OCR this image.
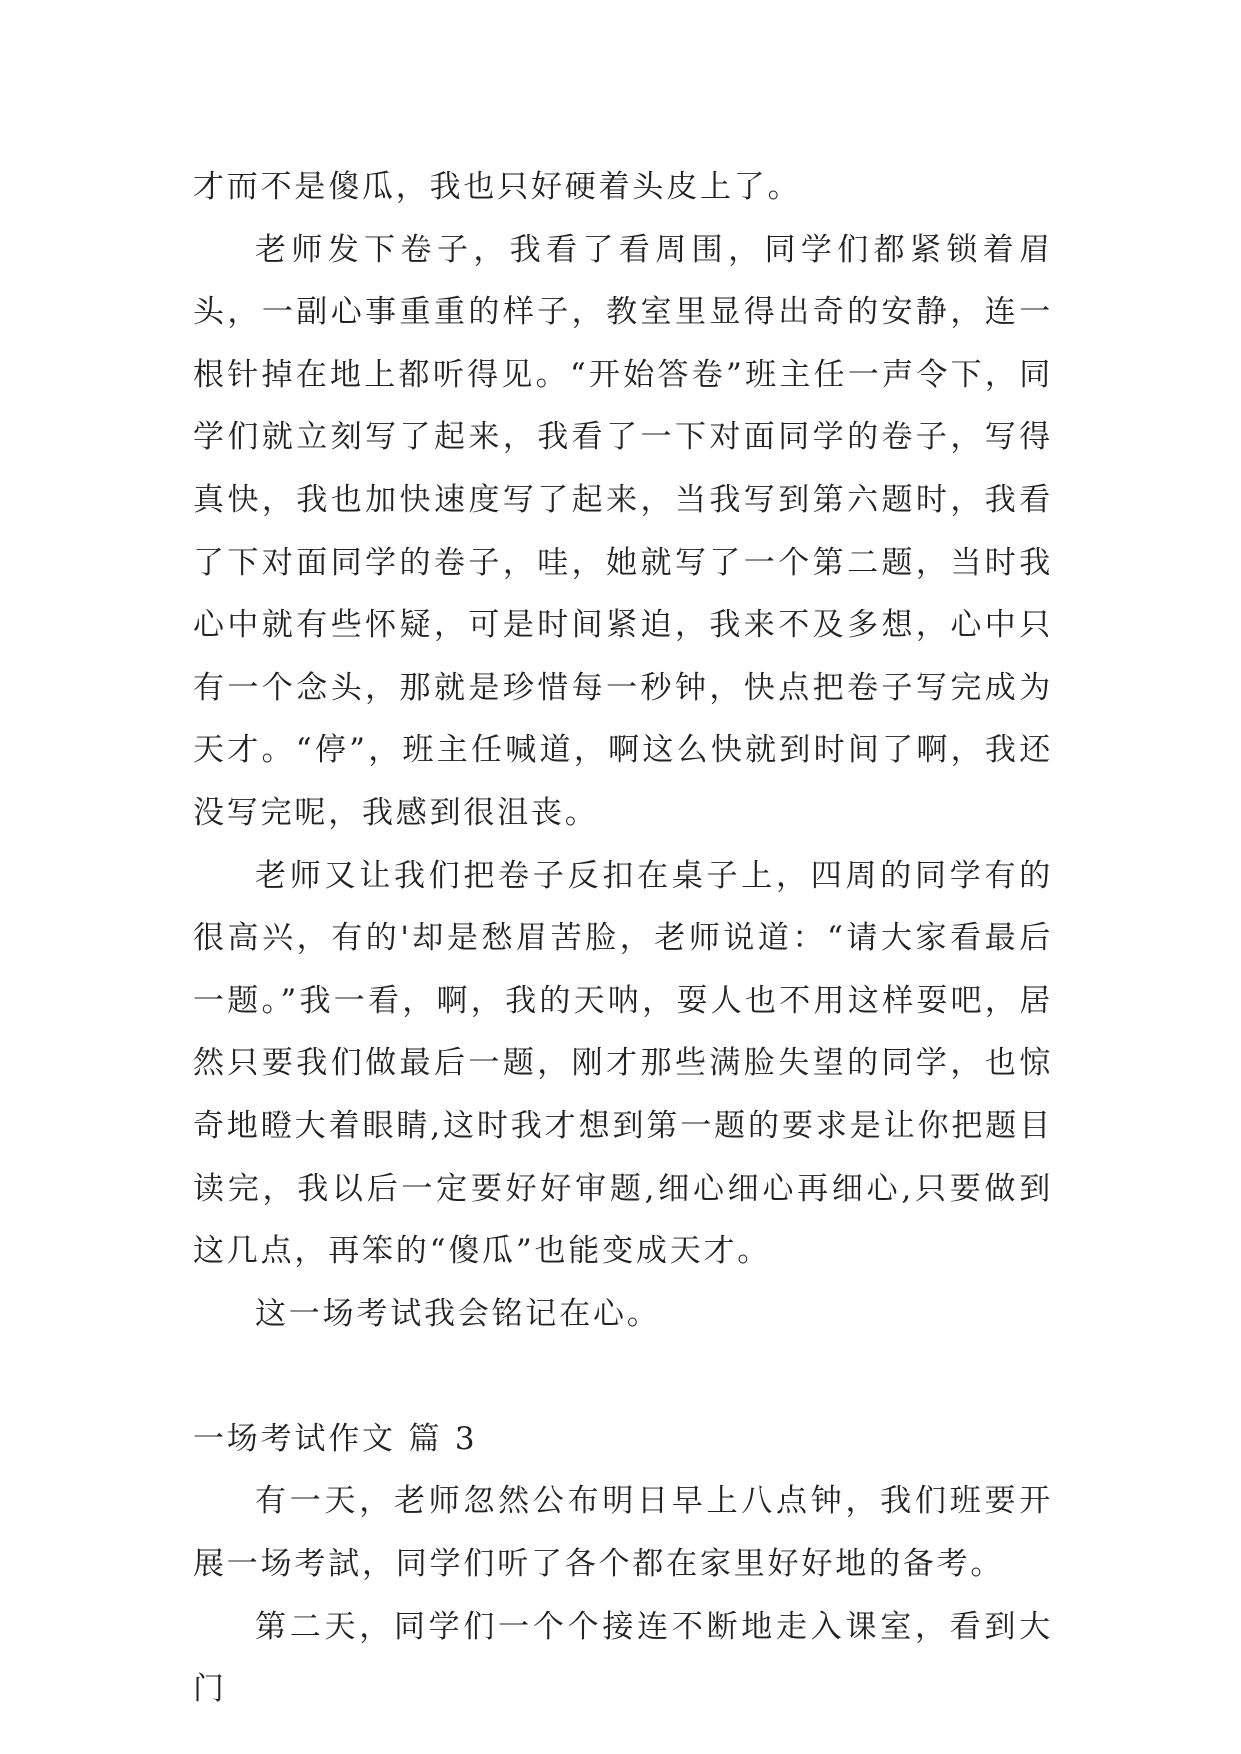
才而不是傻瓜，我也只好硬着头皮上了。

老师发下卷子，我看了看周围，同学们都紧锁着眉头，一副心事重重的样子，教室里显得出奇的安静，连一根针掉在地上都听得见。“开始答卷”班主任一声令下，同学们就立刻写了起来，我看了一下对面同学的卷子，写得真快，我也加快速度写了起来，当我写到第六题时，我看了下对面同学的卷子，哇，她就写了一个第二题，当时我心中就有些怀疑，可是时间紧迫，我来不及多想，心中只有一个念头，那就是珍惜每一秒钟，快点把卷子写完成为天才。“停”，班主任喊道，啊这么快就到时间了啊，我还没写完呢，我感到很沮丧。

老师又让我们把卷子反扣在桌子上，四周的同学有的很高兴，有的'却是愁眉苦脸，老师说道：“请大家看最后一题。”我一看，啊，我的天呐，耍人也不用这样耍吧，居然只要我们做最后一题，刚才那些满脸失望的同学，也惊奇地瞪大着眼睛,这时我才想到第一题的要求是让你把题目读完，我以后一定要好好审题,细心细心再细心,只要做到这几点，再笨的“傻瓜”也能变成天才。

这一场考试我会铭记在心。

一场考试作文 篇 3

有一天，老师忽然公布明日早上八点钟，我们班要开展一场考試，同学们听了各个都在家里好好地的备考。

第二天，同学们一个个接连不断地走入课室，看到大门
